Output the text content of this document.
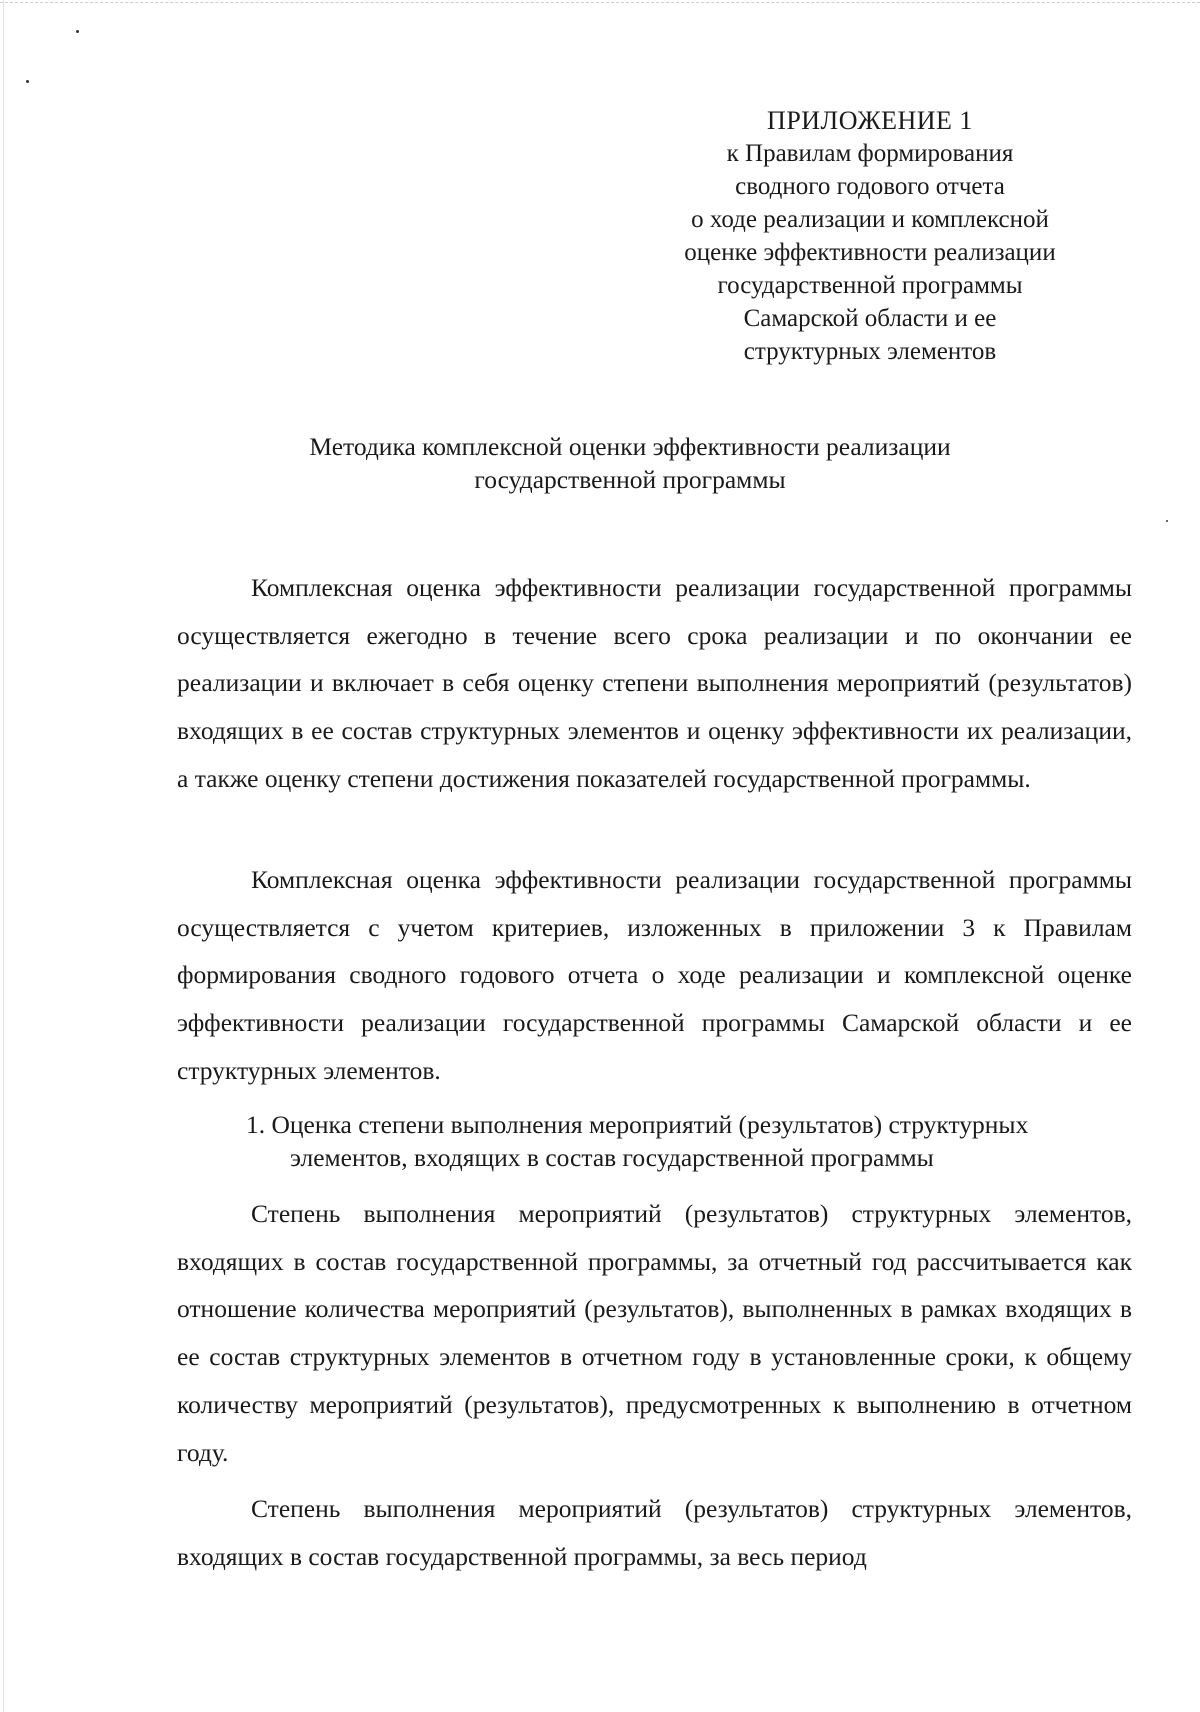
ПРИЛОЖЕНИЕ 1
к Правилам формирования
сводного годового отчета
о ходе реализации и комплексной
оценке эффективности реализации
государственной программы
Самарской области и ее
структурных элементов
Методика комплексной оценки эффективности реализации
государственной программы

Комплексная оценка эффективности реализации государственной программы осуществляется ежегодно в течение всего срока реализации и по окончании ее реализации и включает в себя оценку степени выполнения мероприятий (результатов) входящих в ее состав структурных элементов и оценку эффективности их реализации, а также оценку степени достижения показателей государственной программы.

Комплексная оценка эффективности реализации государственной программы осуществляется с учетом критериев, изложенных в приложении 3 к Правилам формирования сводного годового отчета о ходе реализации и комплексной оценке эффективности реализации государственной программы Самарской области и ее структурных элементов.

1. Оценка степени выполнения мероприятий (результатов) структурных
элементов, входящих в состав государственной программы

Степень выполнения мероприятий (результатов) структурных элементов, входящих в состав государственной программы, за отчетный год рассчитывается как отношение количества мероприятий (результатов), выполненных в рамках входящих в ее состав структурных элементов в отчетном году в установленные сроки, к общему количеству мероприятий (результатов), предусмотренных к выполнению в отчетном году.

Степень выполнения мероприятий (результатов) структурных элементов, входящих в состав государственной программы, за весь период
